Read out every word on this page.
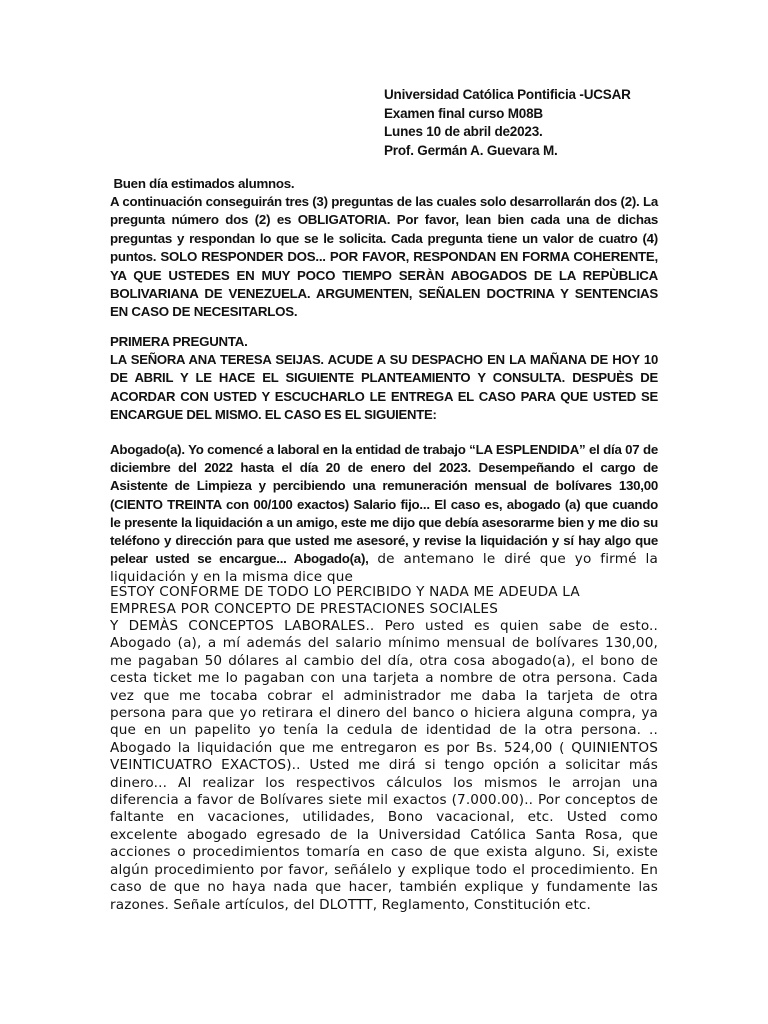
Universidad Católica Pontificia -UCSAR
Examen final curso M08B
Lunes 10 de abril de2023.
Prof. Germán A. Guevara M.
Buen día estimados alumnos.

A continuación conseguirán tres (3) preguntas de las cuales solo desarrollarán dos (2). La pregunta número dos (2) es OBLIGATORIA. Por favor, lean bien cada una de dichas preguntas y respondan lo que se le solicita. Cada pregunta tiene un valor de cuatro (4) puntos. SOLO RESPONDER DOS... POR FAVOR, RESPONDAN EN FORMA COHERENTE, YA QUE USTEDES EN MUY POCO TIEMPO SERÀN ABOGADOS DE LA REPÙBLICA BOLIVARIANA DE VENEZUELA. ARGUMENTEN, SEÑALEN DOCTRINA Y SENTENCIAS EN CASO DE NECESITARLOS.

PRIMERA PREGUNTA.

LA SEÑORA ANA TERESA SEIJAS. ACUDE A SU DESPACHO EN LA MAÑANA DE HOY 10 DE ABRIL Y LE HACE EL SIGUIENTE PLANTEAMIENTO Y CONSULTA. DESPUÈS DE ACORDAR CON USTED Y ESCUCHARLO LE ENTREGA EL CASO PARA QUE USTED SE ENCARGUE DEL MISMO. EL CASO ES EL SIGUIENTE:

Abogado(a). Yo comencé a laboral en la entidad de trabajo “LA ESPLENDIDA” el día 07 de diciembre del 2022 hasta el día 20 de enero del 2023. Desempeñando el cargo de Asistente de Limpieza y percibiendo una remuneración mensual de bolívares 130,00 (CIENTO TREINTA con 00/100 exactos) Salario fijo... El caso es, abogado (a) que cuando le presente la liquidación a un amigo, este me dijo que debía asesorarme bien y me dio su teléfono y dirección para que usted me asesoré, y revise la liquidación y sí hay algo que pelear usted se encargue... Abogado(a), de antemano le diré que yo firmé la liquidación y en la misma dice que

ESTOY CONFORME DE TODO LO PERCIBIDO Y NADA ME ADEUDA LA
EMPRESA POR CONCEPTO DE PRESTACIONES SOCIALES

Y DEMÀS CONCEPTOS LABORALES.. Pero usted es quien sabe de esto.. Abogado (a), a mí además del salario mínimo mensual de bolívares 130,00, me pagaban 50 dólares al cambio del día, otra cosa abogado(a), el bono de cesta ticket me lo pagaban con una tarjeta a nombre de otra persona. Cada vez que me tocaba cobrar el administrador me daba la tarjeta de otra persona para que yo retirara el dinero del banco o hiciera alguna compra, ya que en un papelito yo tenía la cedula de identidad de la otra persona. .. Abogado la liquidación que me entregaron es por Bs. 524,00 ( QUINIENTOS VEINTICUATRO EXACTOS).. Usted me dirá si tengo opción a solicitar más dinero... Al realizar los respectivos cálculos los mismos le arrojan una diferencia a favor de Bolívares siete mil exactos (7.000.00).. Por conceptos de faltante en vacaciones, utilidades, Bono vacacional, etc. Usted como excelente abogado egresado de la Universidad Católica Santa Rosa, que acciones o procedimientos tomaría en caso de que exista alguno. Si, existe algún procedimiento por favor, señálelo y explique todo el procedimiento. En caso de que no haya nada que hacer, también explique y fundamente las razones. Señale artículos, del DLOTTT, Reglamento, Constitución etc.
